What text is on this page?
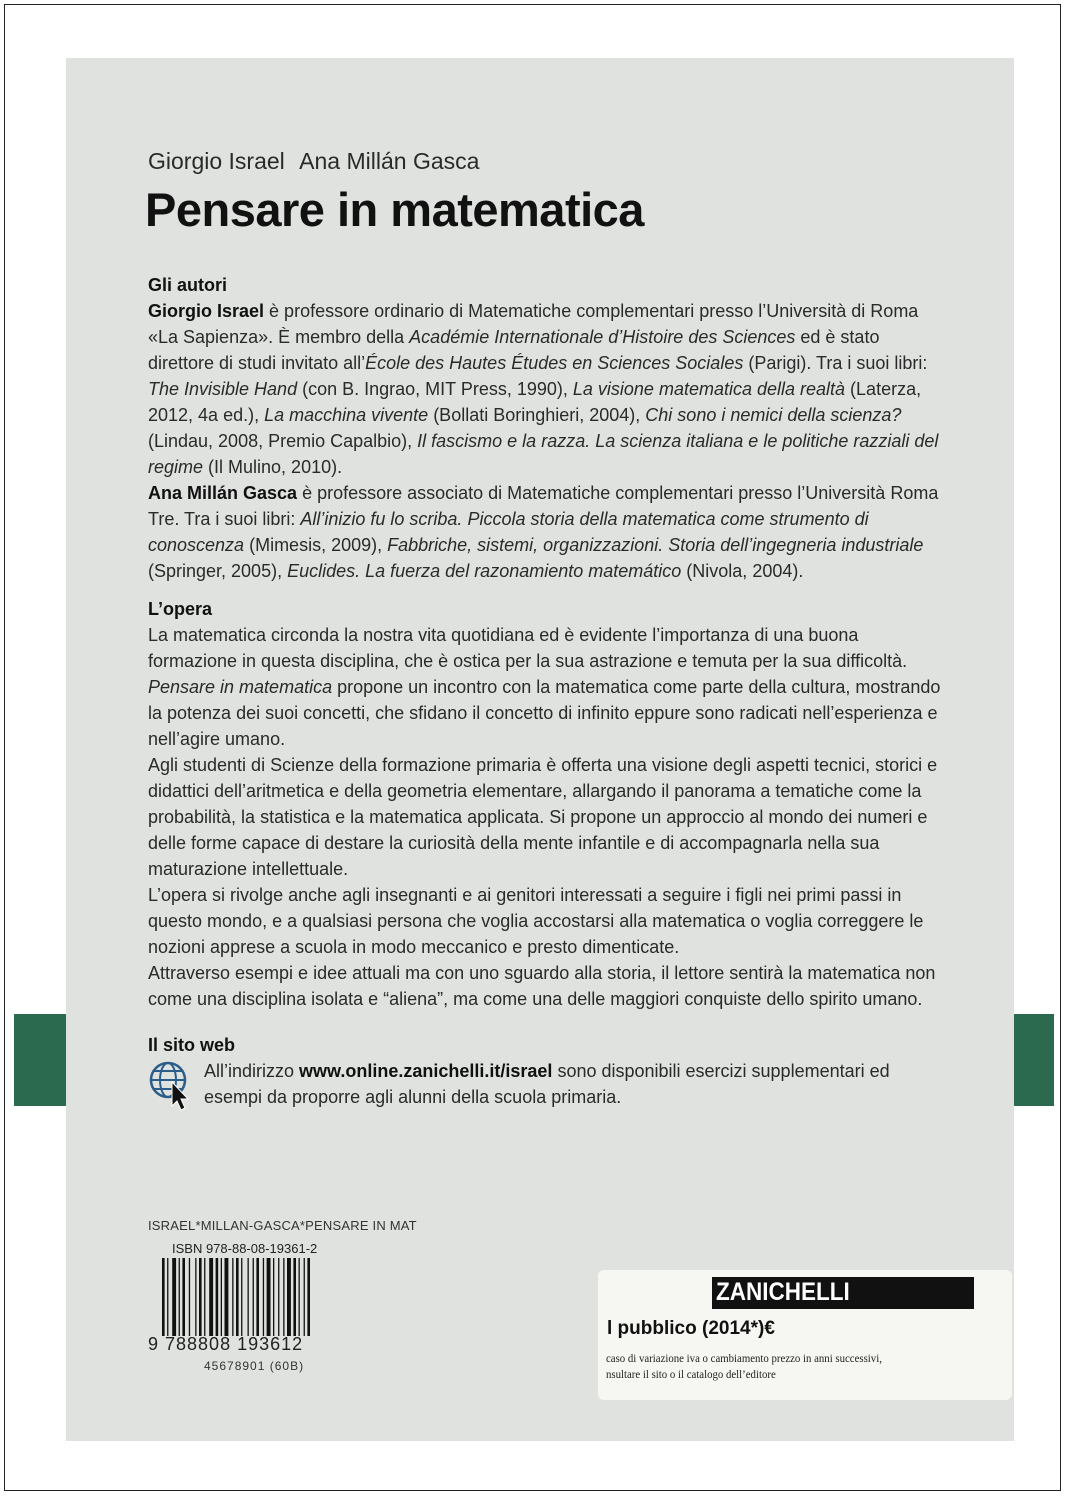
Giorgio Israel Ana Millán Gasca
Pensare in matematica

Gli autori

Giorgio Israel è professore ordinario di Matematiche complementari presso l’Università di Roma «La Sapienza». È membro della Académie Internationale d’Histoire des Sciences ed è stato direttore di studi invitato all’École des Hautes Études en Sciences Sociales (Parigi). Tra i suoi libri: The Invisible Hand (con B. Ingrao, MIT Press, 1990), La visione matematica della realtà (Laterza, 2012, 4a ed.), La macchina vivente (Bollati Boringhieri, 2004), Chi sono i nemici della scienza? (Lindau, 2008, Premio Capalbio), Il fascismo e la razza. La scienza italiana e le politiche razziali del regime (Il Mulino, 2010).

Ana Millán Gasca è professore associato di Matematiche complementari presso l’Università Roma Tre. Tra i suoi libri: All’inizio fu lo scriba. Piccola storia della matematica come strumento di conoscenza (Mimesis, 2009), Fabbriche, sistemi, organizzazioni. Storia dell’ingegneria industriale (Springer, 2005), Euclides. La fuerza del razonamiento matemático (Nivola, 2004).

L’opera

La matematica circonda la nostra vita quotidiana ed è evidente l’importanza di una buona formazione in questa disciplina, che è ostica per la sua astrazione e temuta per la sua difficoltà.

Pensare in matematica propone un incontro con la matematica come parte della cultura, mostrando la potenza dei suoi concetti, che sfidano il concetto di infinito eppure sono radicati nell’esperienza e nell’agire umano.

Agli studenti di Scienze della formazione primaria è offerta una visione degli aspetti tecnici, storici e didattici dell’aritmetica e della geometria elementare, allargando il panorama a tematiche come la probabilità, la statistica e la matematica applicata. Si propone un approccio al mondo dei numeri e delle forme capace di destare la curiosità della mente infantile e di accompagnarla nella sua maturazione intellettuale.

L’opera si rivolge anche agli insegnanti e ai genitori interessati a seguire i figli nei primi passi in questo mondo, e a qualsiasi persona che voglia accostarsi alla matematica o voglia correggere le nozioni apprese a scuola in modo meccanico e presto dimenticate.

Attraverso esempi e idee attuali ma con uno sguardo alla storia, il lettore sentirà la matematica non come una disciplina isolata e “aliena”, ma come una delle maggiori conquiste dello spirito umano.

Il sito web

All’indirizzo www.online.zanichelli.it/israel sono disponibili esercizi supplementari ed esempi da proporre agli alunni della scuola primaria.
ISRAEL*MILLAN-GASCA*PENSARE IN MAT
ISBN 978-88-08-19361-2
9 788808 193612
45678901 (60B)
ZANICHELLI
l pubblico (2014*)€
caso di variazione iva o cambiamento prezzo in anni successivi,
nsultare il sito o il catalogo dell’editore
